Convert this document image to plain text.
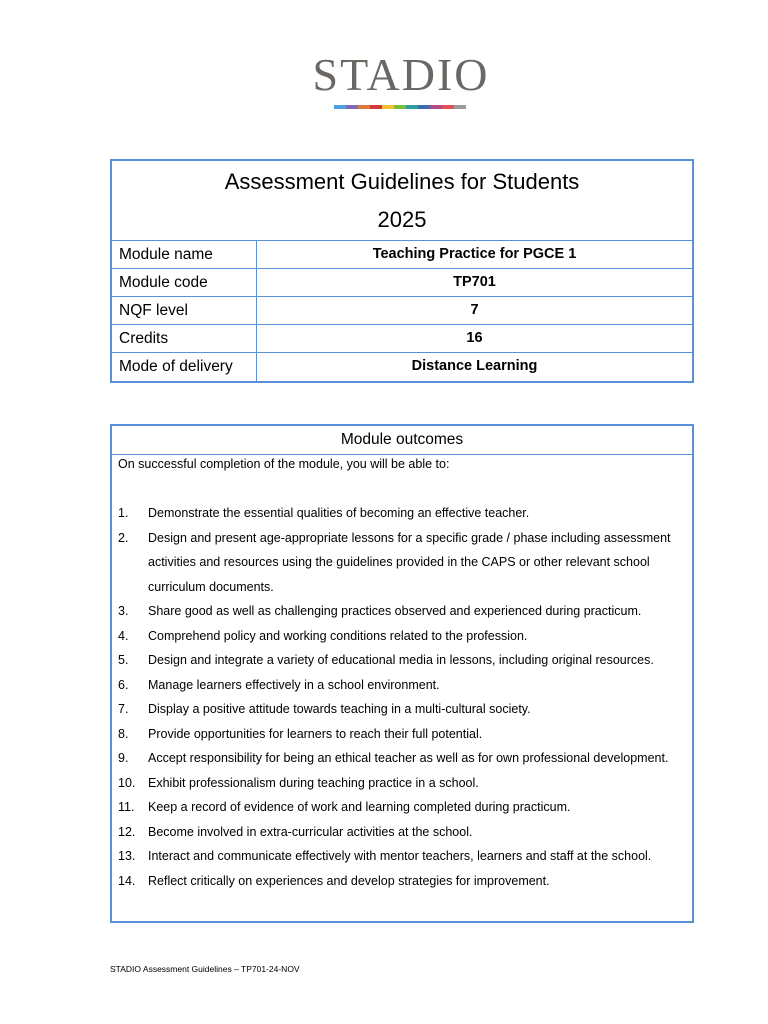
STADIO
Assessment Guidelines for Students
2025
Module name	Teaching Practice for PGCE 1
Module code	TP701
NQF level	7
Credits	16
Mode of delivery	Distance Learning
Module outcomes
On successful completion of the module, you will be able to:
1.	Demonstrate the essential qualities of becoming an effective teacher.
2.	Design and present age-appropriate lessons for a specific grade / phase including assessment activities and resources using the guidelines provided in the CAPS or other relevant school curriculum documents.
3.	Share good as well as challenging practices observed and experienced during practicum.
4.	Comprehend policy and working conditions related to the profession.
5.	Design and integrate a variety of educational media in lessons, including original resources.
6.	Manage learners effectively in a school environment.
7.	Display a positive attitude towards teaching in a multi-cultural society.
8.	Provide opportunities for learners to reach their full potential.
9.	Accept responsibility for being an ethical teacher as well as for own professional development.
10.	Exhibit professionalism during teaching practice in a school.
11.	Keep a record of evidence of work and learning completed during practicum.
12.	Become involved in extra-curricular activities at the school.
13.	Interact and communicate effectively with mentor teachers, learners and staff at the school.
14.	Reflect critically on experiences and develop strategies for improvement.
STADIO Assessment Guidelines – TP701-24-NOV
